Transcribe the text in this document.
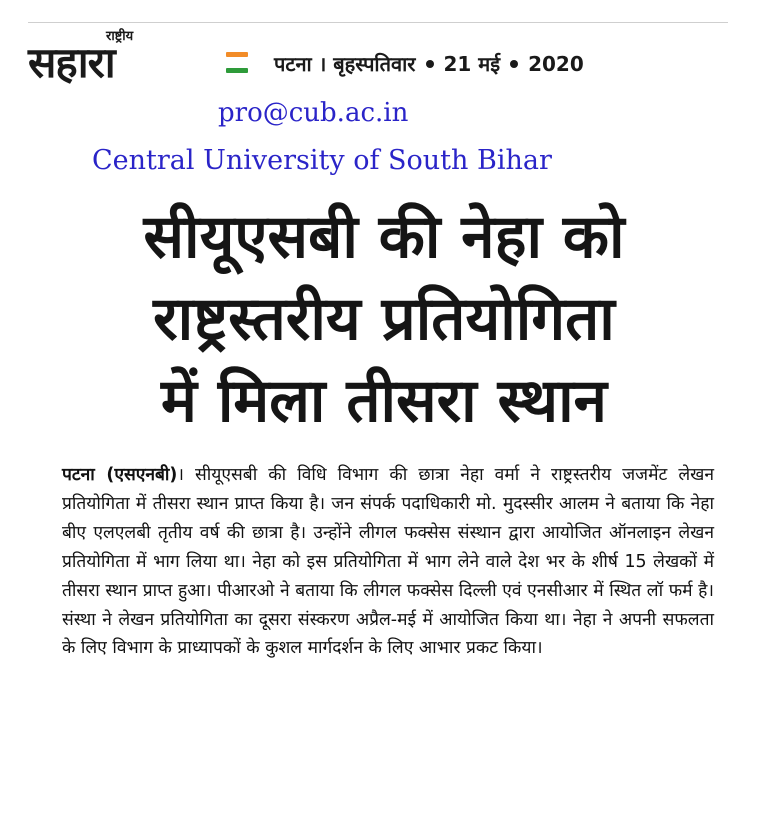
राष्ट्रीय
सहारा	पटना । बृहस्पतिवार 21 मई 2020
pro@cub.ac.in
Central University of South Bihar
सीयूएसबी की नेहा को
राष्ट्रस्तरीय प्रतियोगिता
में मिला तीसरा स्थान
पटना (एसएनबी)। सीयूएसबी की विधि विभाग की छात्रा नेहा वर्मा ने राष्ट्रस्तरीय जजमेंट लेखन प्रतियोगिता में तीसरा स्थान प्राप्त किया है। जन संपर्क पदाधिकारी मो. मुदस्सीर आलम ने बताया कि नेहा बीए एलएलबी तृतीय वर्ष की छात्रा है। उन्होंने लीगल फक्सेस संस्थान द्वारा आयोजित ऑनलाइन लेखन प्रतियोगिता में भाग लिया था। नेहा को इस प्रतियोगिता में भाग लेने वाले देश भर के शीर्ष 15 लेखकों में तीसरा स्थान प्राप्त हुआ। पीआरओ ने बताया कि लीगल फक्सेस दिल्ली एवं एनसीआर में स्थित लॉ फर्म है। संस्था ने लेखन प्रतियोगिता का दूसरा संस्करण अप्रैल-मई में आयोजित किया था। नेहा ने अपनी सफलता के लिए विभाग के प्राध्यापकों के कुशल मार्गदर्शन के लिए आभार प्रकट किया।
